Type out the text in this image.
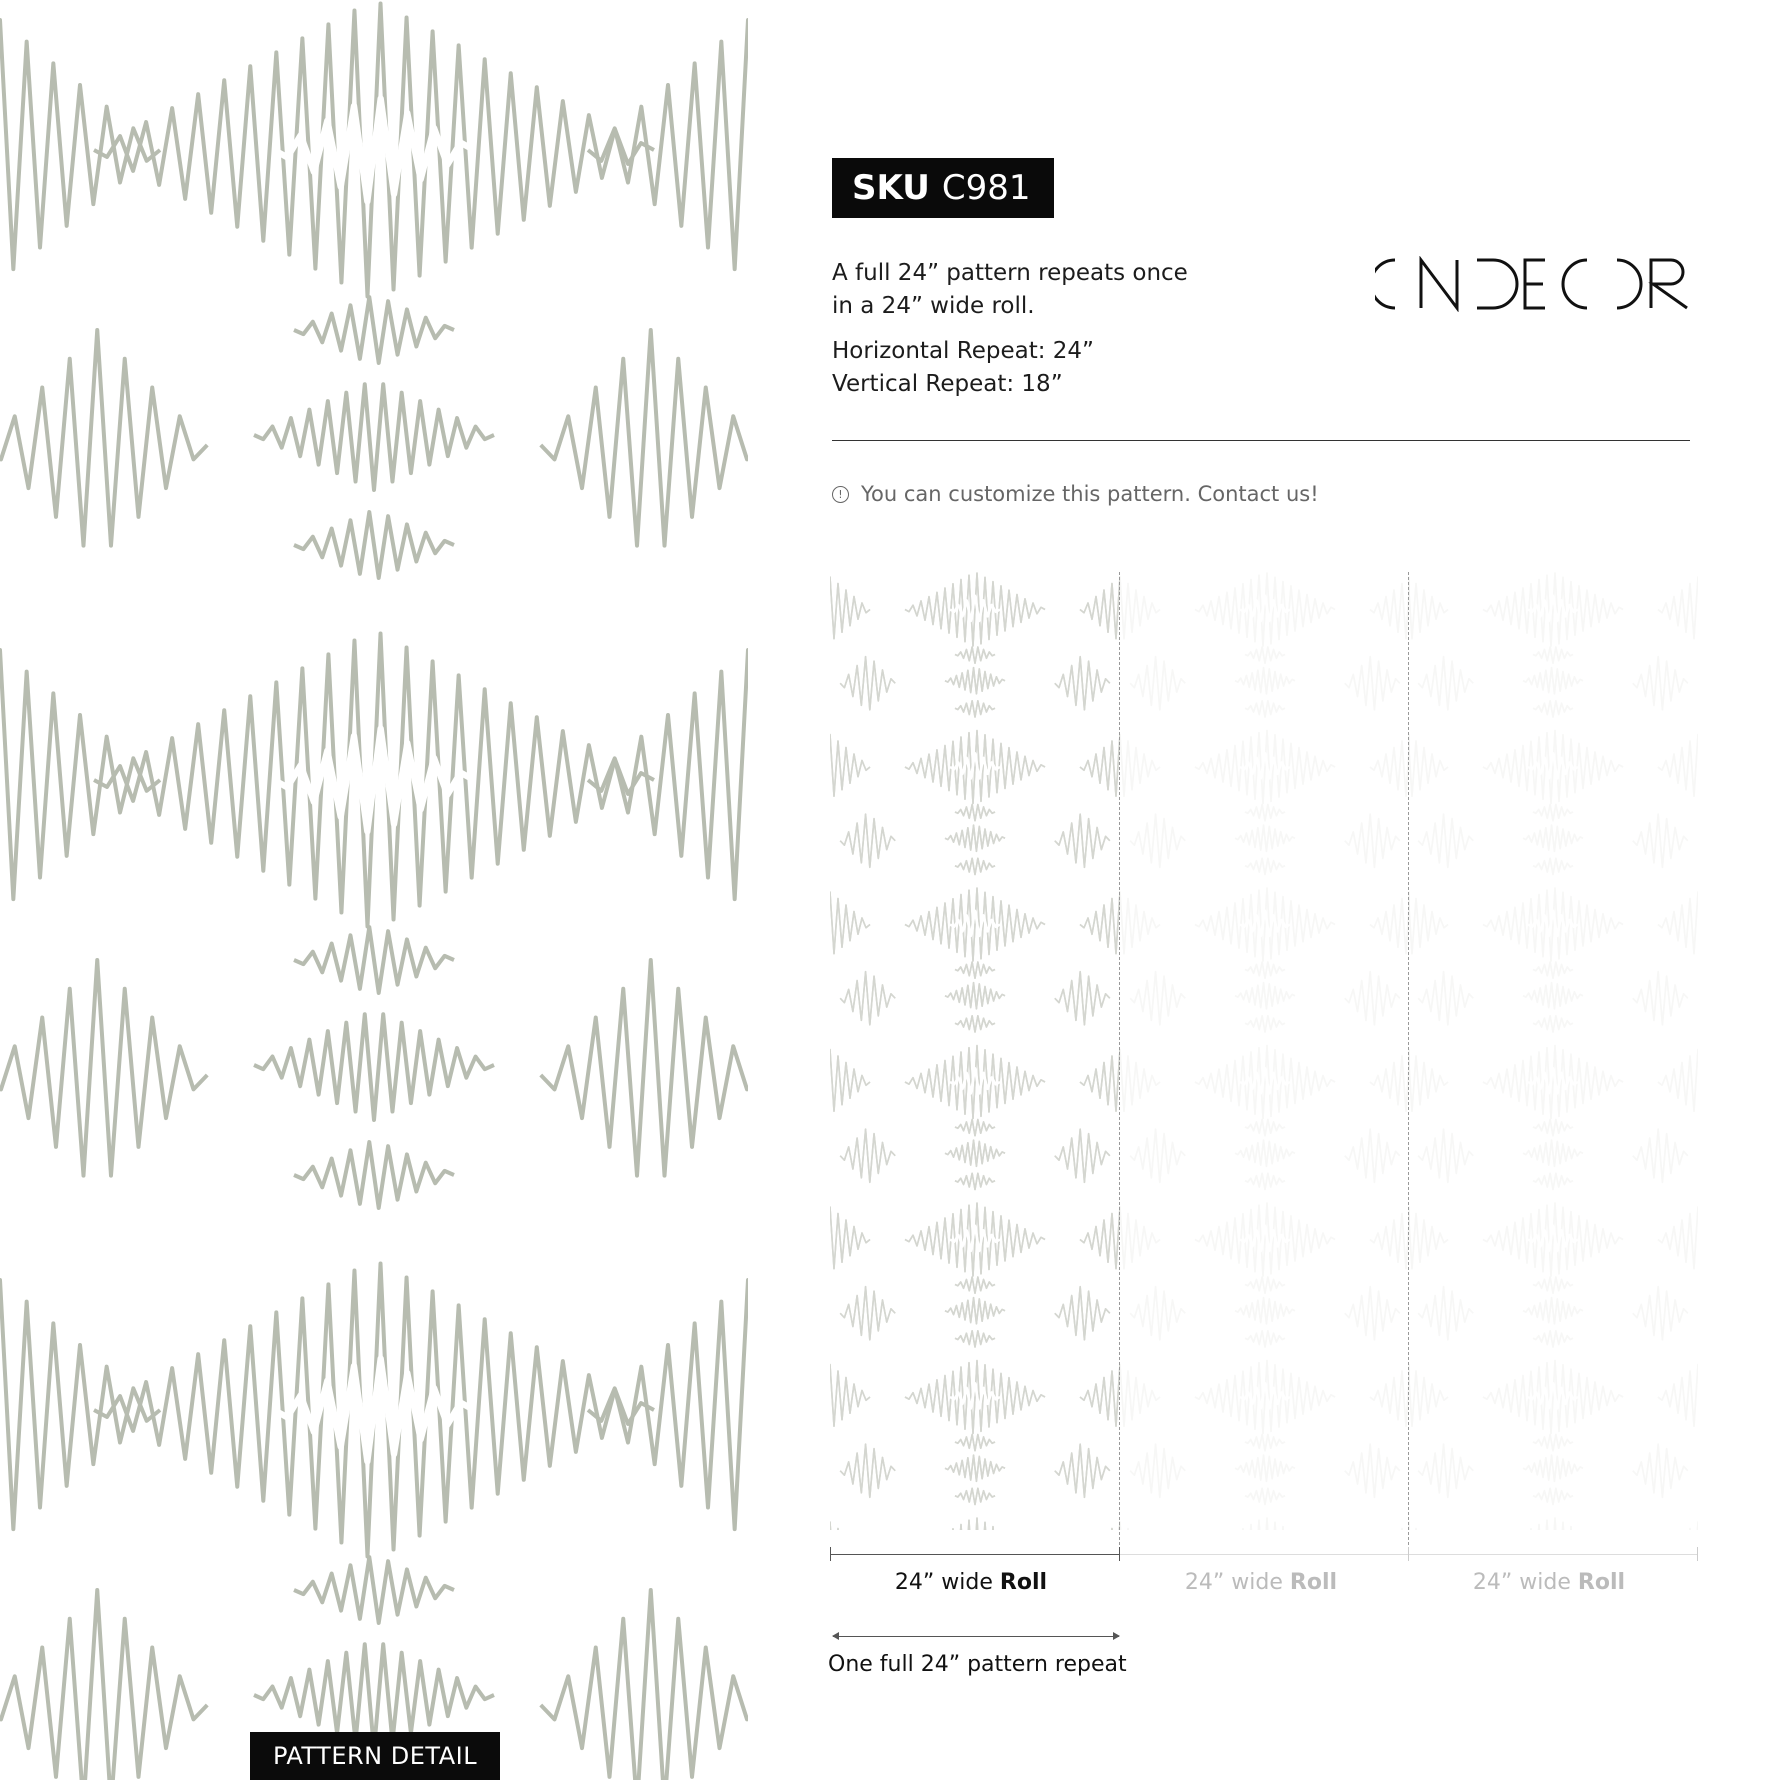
PATTERN DETAIL
SKU C981
A full 24” pattern repeats once
in a 24” wide roll.
Horizontal Repeat: 24”
Vertical Repeat: 18”
! You can customize this pattern. Contact us!
24” wide Roll	24” wide Roll	24” wide Roll
One full 24” pattern repeat
